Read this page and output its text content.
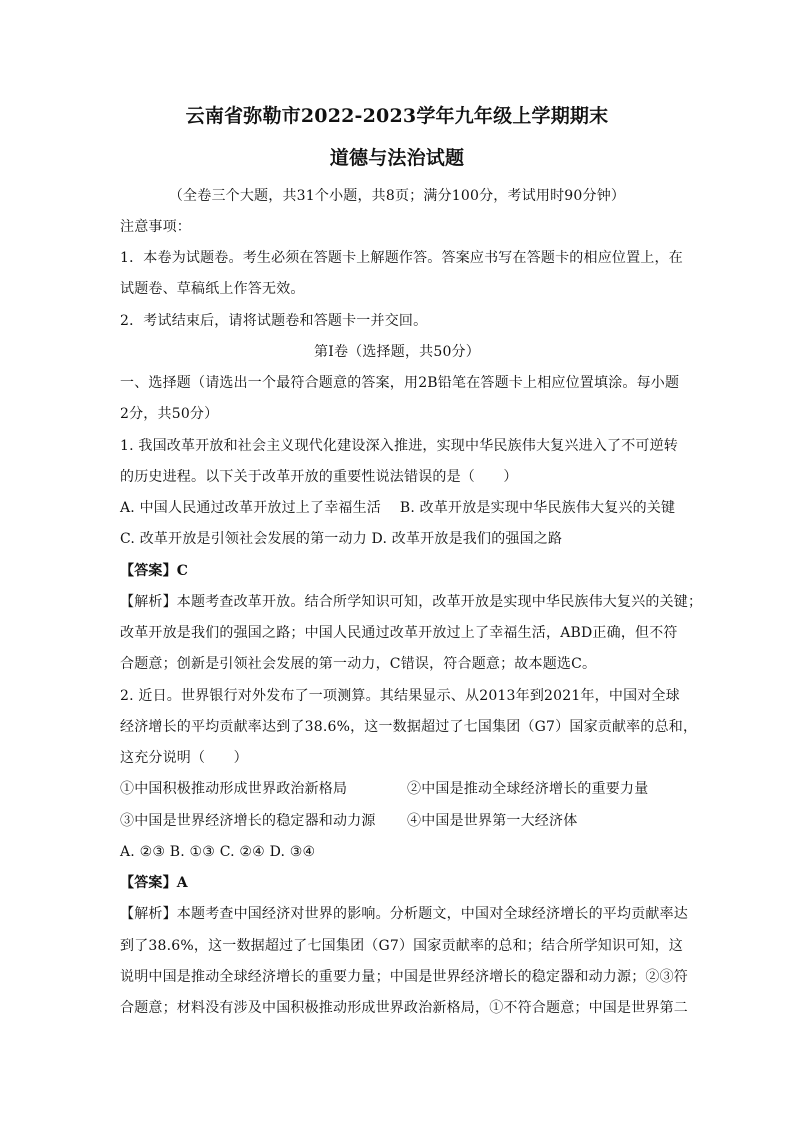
云南省弥勒市2022-2023学年九年级上学期期末
道德与法治试题
（全卷三个大题，共31个小题，共8页；满分100分，考试用时90分钟）
注意事项：
1．本卷为试题卷。考生必须在答题卡上解题作答。答案应书写在答题卡的相应位置上，在
试题卷、草稿纸上作答无效。
2．考试结束后，请将试题卷和答题卡一并交回。
第Ⅰ卷（选择题，共50分）
一、选择题（请选出一个最符合题意的答案，用2B铅笔在答题卡上相应位置填涂。每小题
2分，共50分）
1. 我国改革开放和社会主义现代化建设深入推进，实现中华民族伟大复兴进入了不可逆转
的历史进程。以下关于改革开放的重要性说法错误的是（　　）
A. 中国人民通过改革开放过上了幸福生活　 B. 改革开放是实现中华民族伟大复兴的关键
C. 改革开放是引领社会发展的第一动力 D. 改革开放是我们的强国之路
【答案】C
【解析】本题考查改革开放。结合所学知识可知，改革开放是实现中华民族伟大复兴的关键；
改革开放是我们的强国之路；中国人民通过改革开放过上了幸福生活，ABD正确，但不符
合题意；创新是引领社会发展的第一动力，C错误，符合题意；故本题选C。
2. 近日。世界银行对外发布了一项测算。其结果显示、从2013年到2021年，中国对全球
经济增长的平均贡献率达到了38.6%，这一数据超过了七国集团（G7）国家贡献率的总和，
这充分说明（　　）
①中国积极推动形成世界政治新格局	②中国是推动全球经济增长的重要力量
③中国是世界经济增长的稳定器和动力源 ④中国是世界第一大经济体
A. ②③ B. ①③ C. ②④ D. ③④
【答案】A
【解析】本题考查中国经济对世界的影响。分析题文，中国对全球经济增长的平均贡献率达
到了38.6%，这一数据超过了七国集团（G7）国家贡献率的总和；结合所学知识可知，这
说明中国是推动全球经济增长的重要力量；中国是世界经济增长的稳定器和动力源；②③符
合题意；材料没有涉及中国积极推动形成世界政治新格局，①不符合题意；中国是世界第二
